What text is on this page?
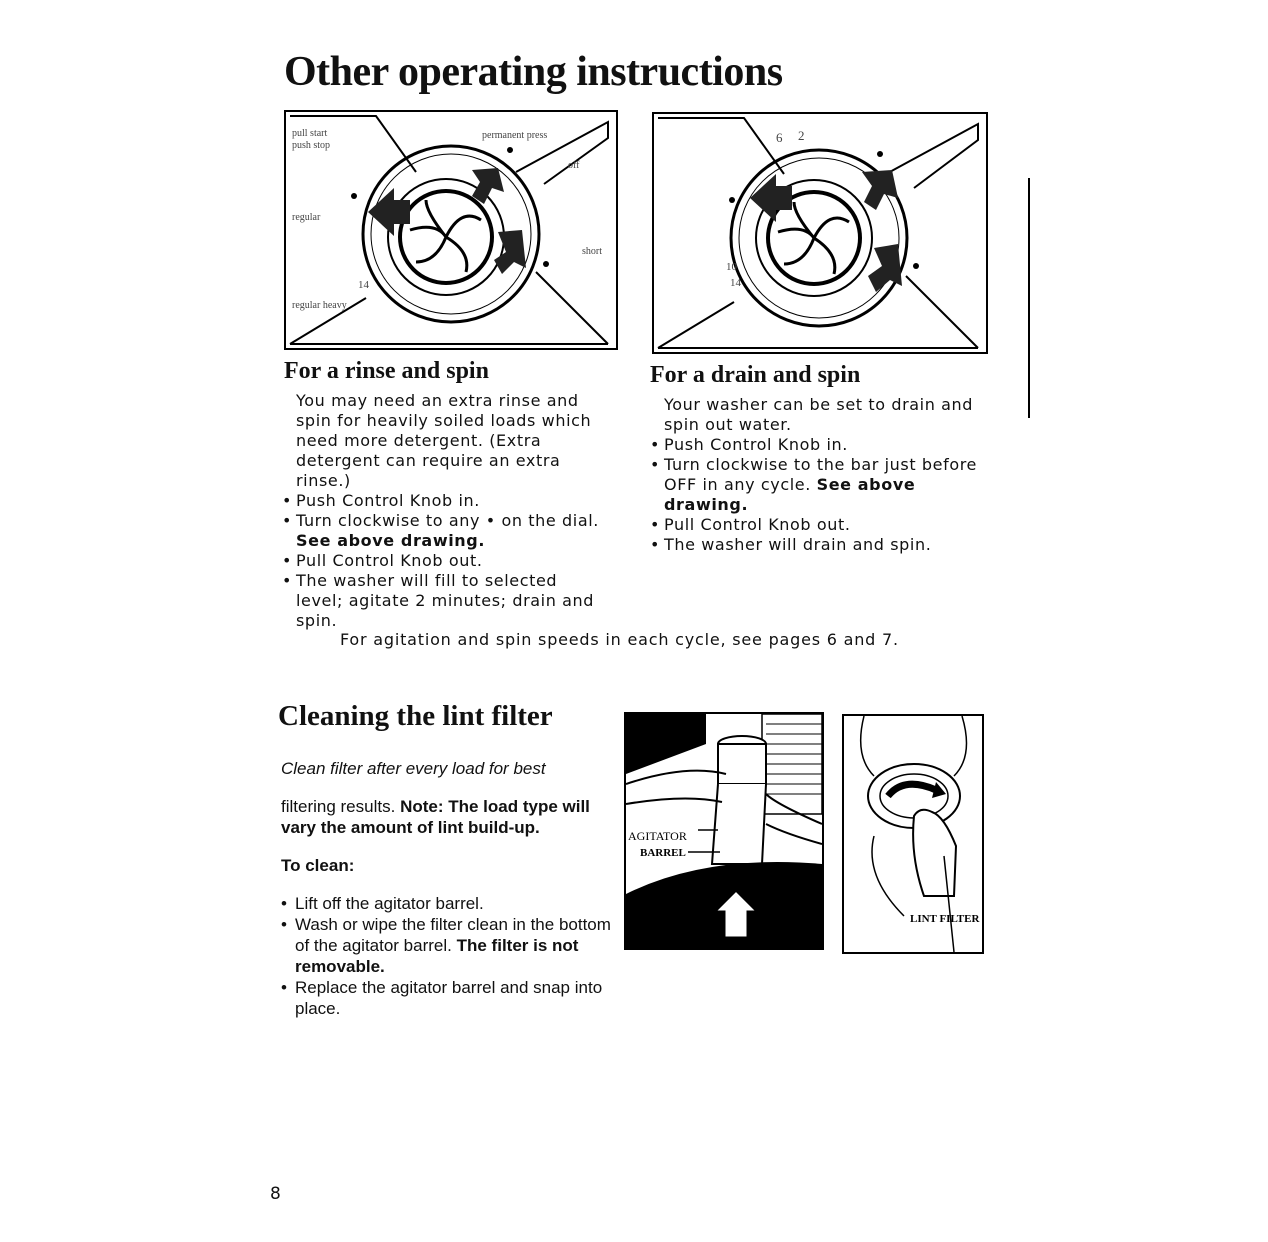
Other operating instructions
pull start
push stop
permanent press
off
regular
short
regular heavy
14
6 2
10
14
For a rinse and spin

You may need an extra rinse and spin for heavily soiled loads which need more detergent. (Extra detergent can require an extra rinse.)

• Push Control Knob in.
• Turn clockwise to any • on the dial.
See above drawing.
• Pull Control Knob out.
• The washer will fill to selected level; agitate 2 minutes; drain and spin.
For a drain and spin

Your washer can be set to drain and spin out water.

• Push Control Knob in.
• Turn clockwise to the bar just before OFF in any cycle. See above drawing.
• Pull Control Knob out.
• The washer will drain and spin.
For agitation and spin speeds in each cycle, see pages 6 and 7.
Cleaning the lint filter

Clean filter after every load for best

filtering results. Note: The load type will vary the amount of lint build-up.

To clean:

• Lift off the agitator barrel.
• Wash or wipe the filter clean in the bottom of the agitator barrel. The filter is not removable.
• Replace the agitator barrel and snap into place.
AGITATOR
BARREL
LINT FILTER
8
